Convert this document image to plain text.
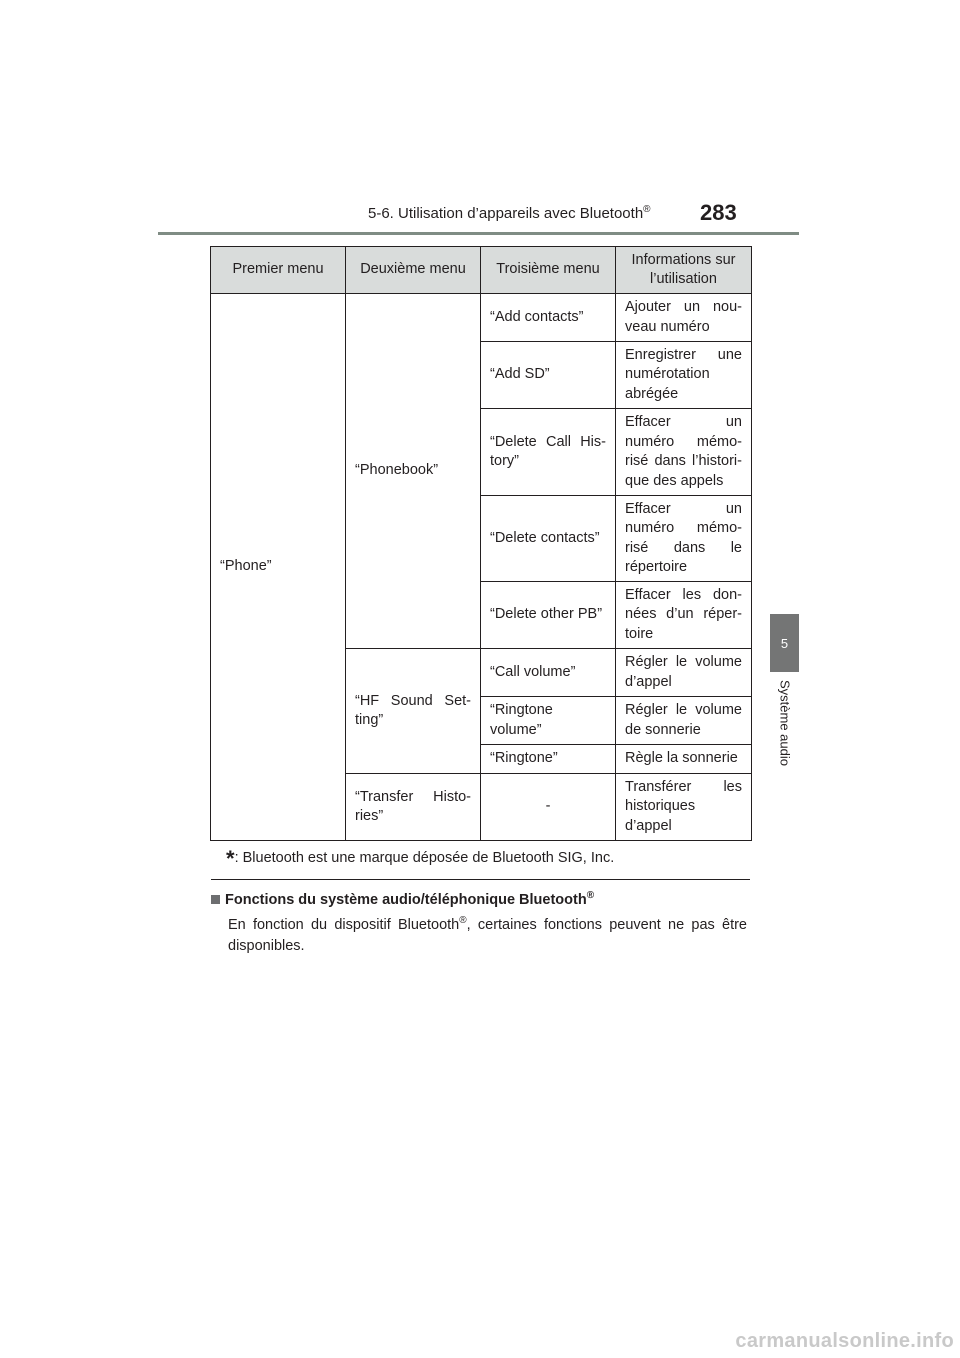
5-6. Utilisation d’appareils avec Bluetooth® 283
5
Système audio
Premier menu	Deuxième menu	Troisième menu	Informations sur l’utilisation
“Phone”	“Phonebook”	“Add contacts”	Ajouter un nou-veau numéro
		“Add SD”	Enregistrer une numérotation abrégée
		“Delete Call His-tory”	Effacer un numéro mémo-risé dans l’histori-que des appels
		“Delete contacts”	Effacer un numéro mémo-risé dans le répertoire
		“Delete other PB”	Effacer les don-nées d’un réper-toire
	“HF Sound Set-ting”	“Call volume”	Régler le volume d’appel
		“Ringtone volume”	Régler le volume de sonnerie
		“Ringtone”	Règle la sonnerie
	“Transfer Histo-ries”	-	Transférer les historiques d’appel
*: Bluetooth est une marque déposée de Bluetooth SIG, Inc.
Fonctions du système audio/téléphonique Bluetooth®
En fonction du dispositif Bluetooth®, certaines fonctions peuvent ne pas être disponibles.
carmanualsonline.info
